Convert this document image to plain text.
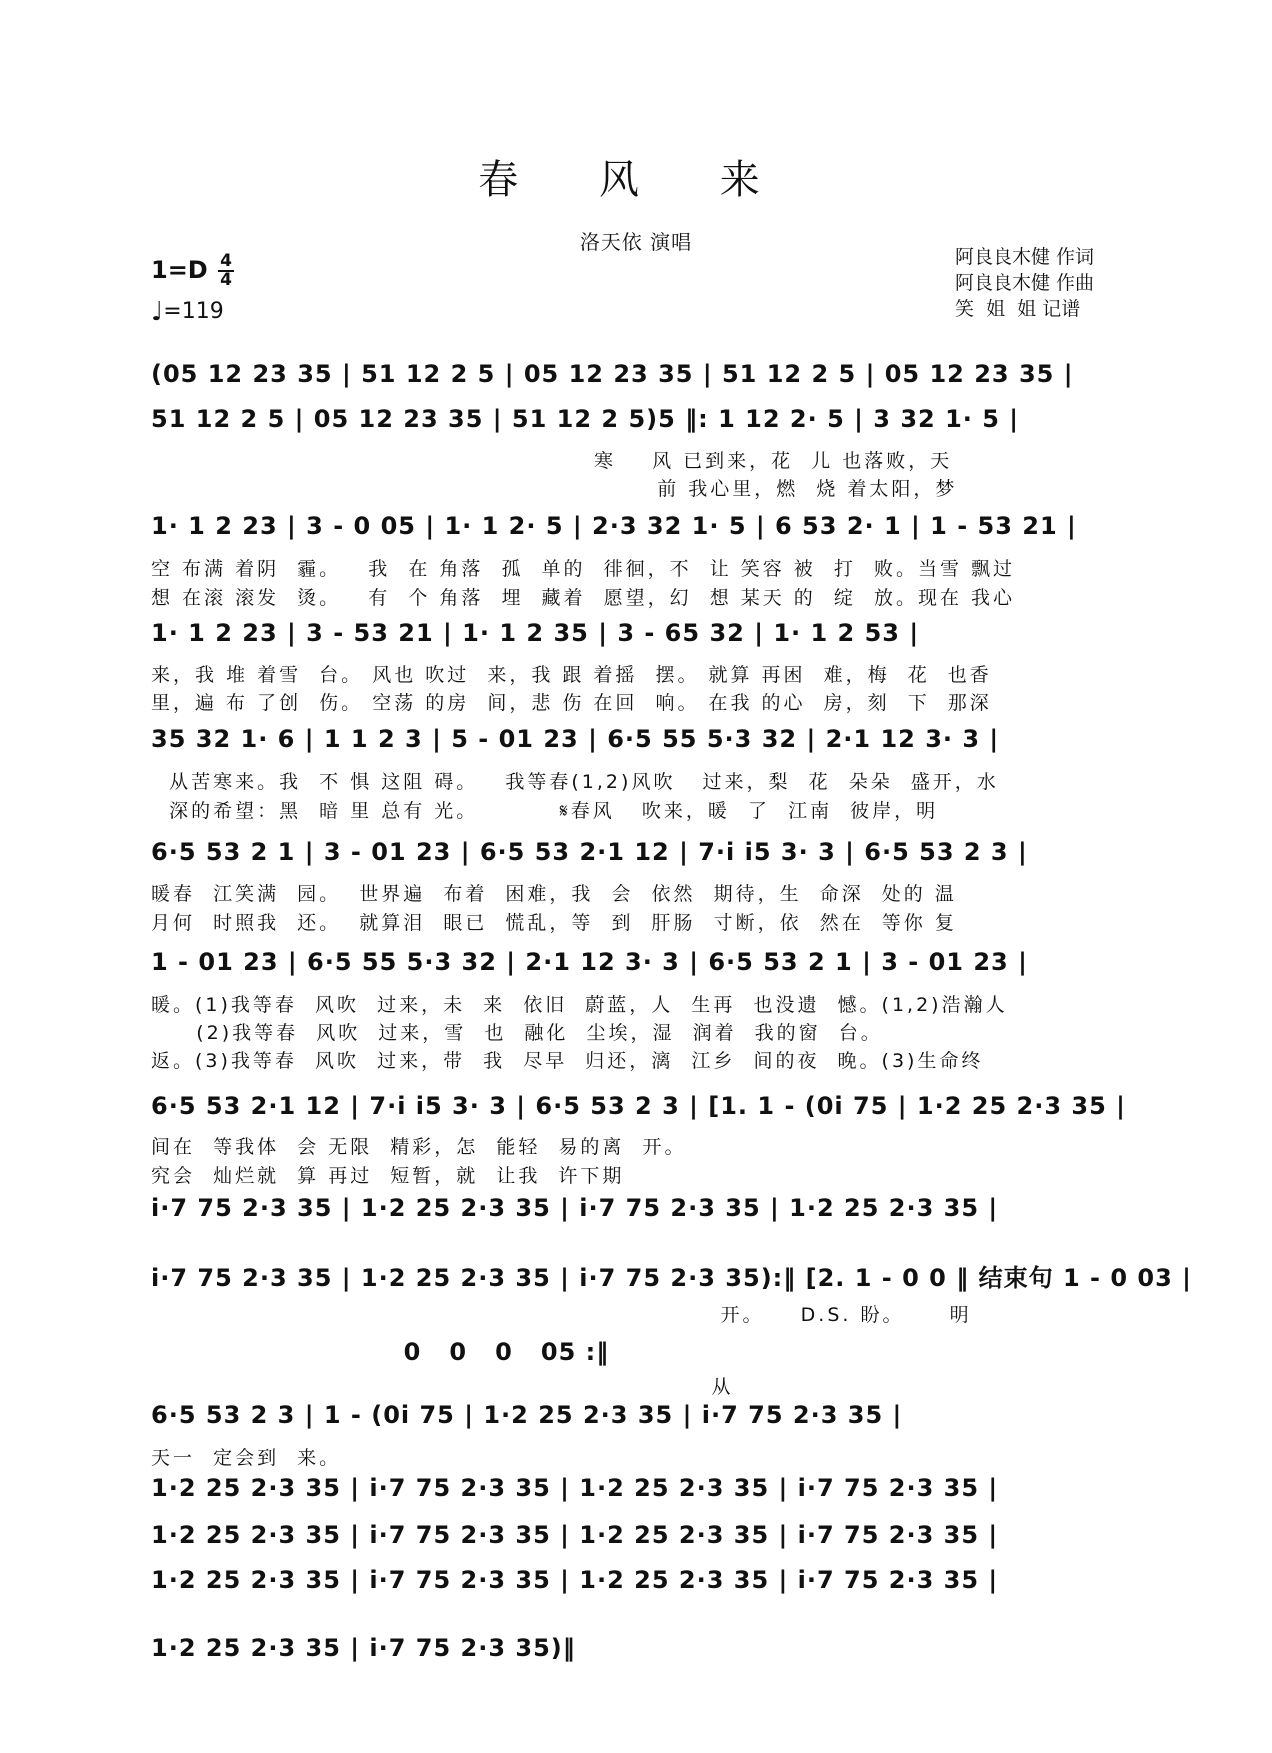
春 风 来
洛天依 演唱
$1=D \frac{4}{4}$
♩=119
阿良良木健 作词
阿良良木健 作曲
笑  姐  姐 记谱
(05 12 23 35 | 51 12 2 5 | 05 12 23 35 | 51 12 2 5 | 05 12 23 35 |
51 12 2 5 | 05 12 23 35 | 51 12 2 5)5 ‖: 1 12 2· 5 | 3 32 1· 5 |
寒    风 已到来，花  儿 也落败，天
前 我心里，燃  烧 着太阳，梦
1· 1 2 23 | 3 - 0 05 | 1· 1 2· 5 | 2·3 32 1· 5 | 6 53 2· 1 | 1 - 53 21 |
空 布满 着阴  霾。   我  在 角落  孤  单的  徘徊，不  让 笑容 被  打  败。当雪 飘过
想 在滚 滚发  烫。   有  个 角落  埋  藏着  愿望，幻  想 某天 的  绽  放。现在 我心
1· 1 2 23 | 3 - 53 21 | 1· 1 2 35 | 3 - 65 32 | 1· 1 2 53 |
来，我 堆 着雪  台。 风也 吹过  来，我 跟 着摇  摆。 就算 再困  难，梅  花  也香
里，遍 布 了创  伤。 空荡 的房  间，悲 伤 在回  响。 在我 的心  房，刻  下  那深
35 32 1· 6 | 1 1 2 3 | 5 - 01 23 | 6·5 55 5·3 32 | 2·1 12 3· 3 |
从苦寒来。我  不 惧 这阻 碍。   我等春(1,2)风吹   过来，梨  花  朵朵  盛开，水
深的希望：黑  暗 里 总有 光。         𝄋春风   吹来，暖  了  江南  彼岸，明
6·5 53 2 1 | 3 - 01 23 | 6·5 53 2·1 12 | 7·i i5 3· 3 | 6·5 53 2 3 |
暖春  江笑满  园。  世界遍  布着  困难，我  会  依然  期待，生  命深  处的 温
月何  时照我  还。  就算泪  眼已  慌乱，等  到  肝肠  寸断，依  然在  等你 复
1 - 01 23 | 6·5 55 5·3 32 | 2·1 12 3· 3 | 6·5 53 2 1 | 3 - 01 23 |
暖。(1)我等春  风吹  过来，未  来  依旧  蔚蓝，人  生再  也没遗  憾。(1,2)浩瀚人
(2)我等春  风吹  过来，雪  也  融化  尘埃，湿  润着  我的窗  台。
返。(3)我等春  风吹  过来，带  我  尽早  归还，漓  江乡  间的夜  晚。(3)生命终
6·5 53 2·1 12 | 7·i i5 3· 3 | 6·5 53 2 3 | [1. 1 - (0i 75 | 1·2 25 2·3 35 |
间在  等我体  会 无限  精彩，怎  能轻  易的离  开。
究会  灿烂就  算 再过  短暂，就  让我  许下期
i·7 75 2·3 35 | 1·2 25 2·3 35 | i·7 75 2·3 35 | 1·2 25 2·3 35 |
i·7 75 2·3 35 | 1·2 25 2·3 35 | i·7 75 2·3 35):‖ [2. 1 - 0 0 ‖ 结束句 1 - 0 03 |
开。    D.S. 盼。     明
0   0   0   05 :‖
从
6·5 53 2 3 | 1 - (0i 75 | 1·2 25 2·3 35 | i·7 75 2·3 35 |
天一  定会到  来。
1·2 25 2·3 35 | i·7 75 2·3 35 | 1·2 25 2·3 35 | i·7 75 2·3 35 |
1·2 25 2·3 35 | i·7 75 2·3 35 | 1·2 25 2·3 35 | i·7 75 2·3 35 |
1·2 25 2·3 35 | i·7 75 2·3 35 | 1·2 25 2·3 35 | i·7 75 2·3 35 |
1·2 25 2·3 35 | i·7 75 2·3 35)‖
